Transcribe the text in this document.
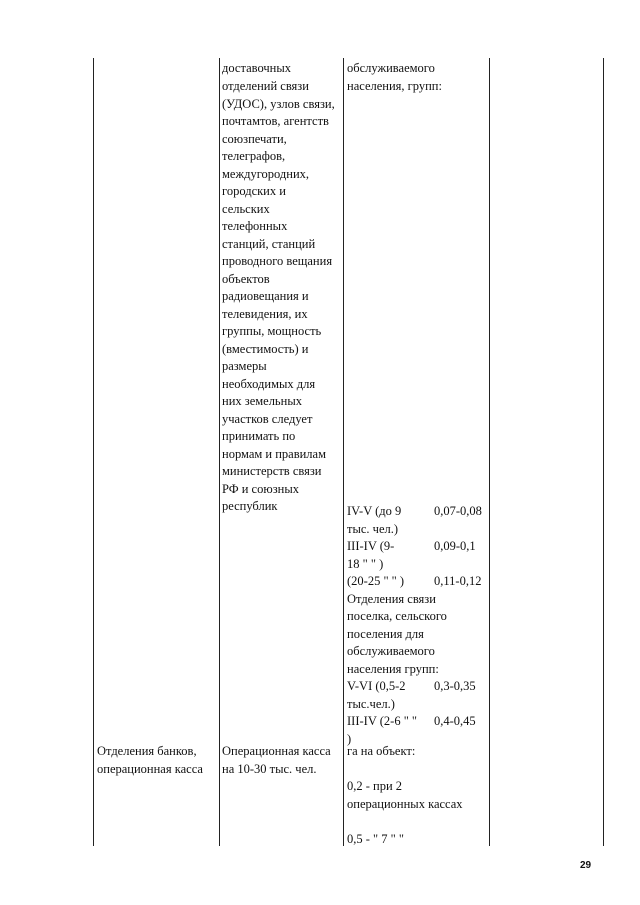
доставочных
отделений связи
(УДОС), узлов связи,
почтамтов, агентств
союзпечати,
телеграфов,
междугородних,
городских и
сельских
телефонных
станций, станций
проводного вещания
объектов
радиовещания и
телевидения, их
группы, мощность
(вместимость) и
размеры
необходимых для
них земельных
участков следует
принимать по
нормам и правилам
министерств связи
РФ и союзных
республик
обслуживаемого
населения, групп:
IV-V (до 9	0,07-0,08
тыс. чел.)
III-IV (9-	0,09-0,1
18 " " )
(20-25 " " ) 0,11-0,12
Отделения связи
поселка, сельского
поселения для
обслуживаемого
населения групп:
V-VI (0,5-2 0,3-0,35
тыс.чел.)
III-IV (2-6 " " 0,4-0,45
)
Отделения банков,
операционная касса
Операционная касса
на 10-30 тыс. чел.
га на объект:
0,2 - при 2
операционных кассах
0,5 - " 7 " "
29
